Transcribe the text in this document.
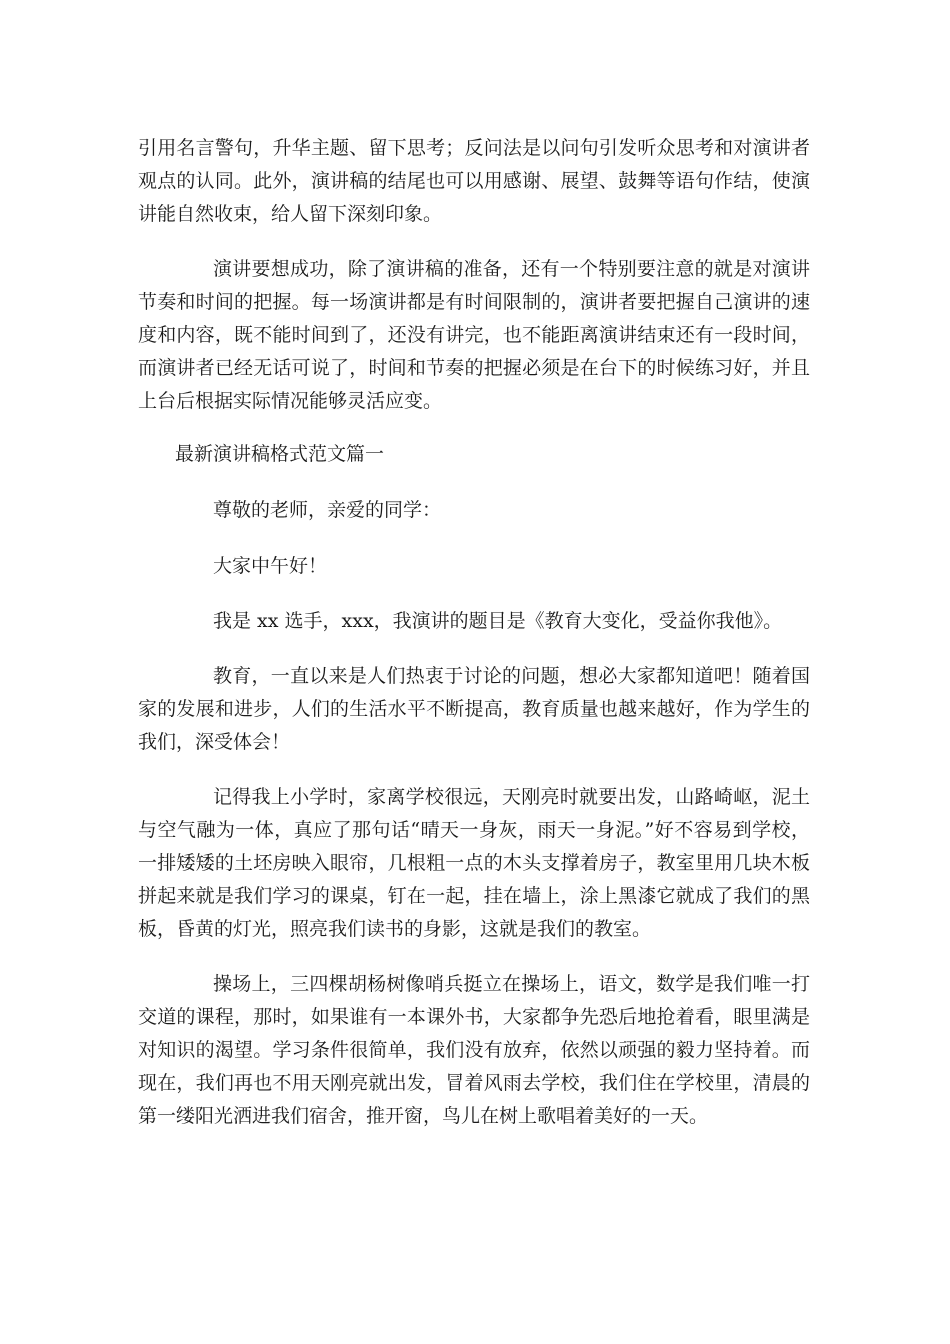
引用名言警句，升华主题、留下思考；反问法是以问句引发听众思考和对演讲者
观点的认同。此外，演讲稿的结尾也可以用感谢、展望、鼓舞等语句作结，使演
讲能自然收束，给人留下深刻印象。
演讲要想成功，除了演讲稿的准备，还有一个特别要注意的就是对演讲
节奏和时间的把握。每一场演讲都是有时间限制的，演讲者要把握自己演讲的速
度和内容，既不能时间到了，还没有讲完，也不能距离演讲结束还有一段时间，
而演讲者已经无话可说了，时间和节奏的把握必须是在台下的时候练习好，并且
上台后根据实际情况能够灵活应变。
最新演讲稿格式范文篇一
尊敬的老师，亲爱的同学：
大家中午好！
我是 xx 选手，xxx，我演讲的题目是《教育大变化，受益你我他》。
教育，一直以来是人们热衷于讨论的问题，想必大家都知道吧！随着国
家的发展和进步，人们的生活水平不断提高，教育质量也越来越好，作为学生的
我们，深受体会！
记得我上小学时，家离学校很远，天刚亮时就要出发，山路崎岖，泥土
与空气融为一体，真应了那句话“晴天一身灰，雨天一身泥。”好不容易到学校，
一排矮矮的土坯房映入眼帘，几根粗一点的木头支撑着房子，教室里用几块木板
拼起来就是我们学习的课桌，钉在一起，挂在墙上，涂上黑漆它就成了我们的黑
板，昏黄的灯光，照亮我们读书的身影，这就是我们的教室。
操场上，三四棵胡杨树像哨兵挺立在操场上，语文，数学是我们唯一打
交道的课程，那时，如果谁有一本课外书，大家都争先恐后地抢着看，眼里满是
对知识的渴望。学习条件很简单，我们没有放弃，依然以顽强的毅力坚持着。而
现在，我们再也不用天刚亮就出发，冒着风雨去学校，我们住在学校里，清晨的
第一缕阳光洒进我们宿舍，推开窗，鸟儿在树上歌唱着美好的一天。
